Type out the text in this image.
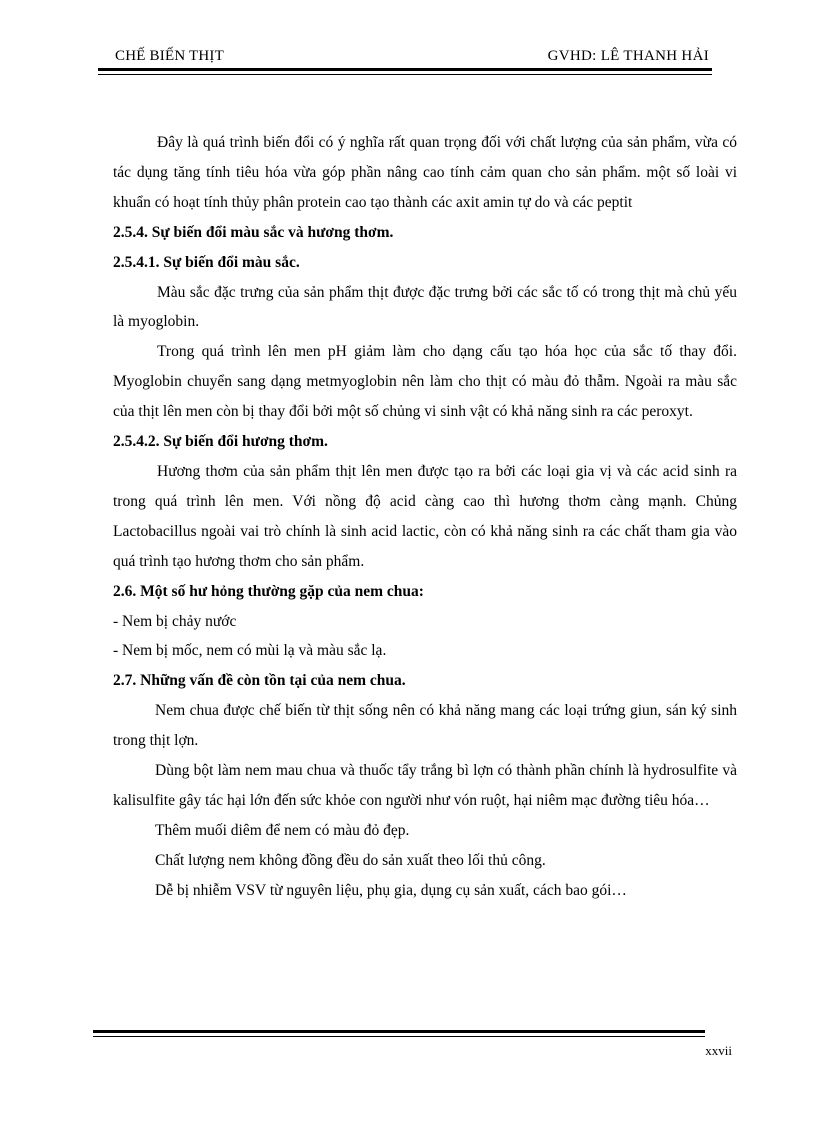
CHẾ BIẾN THỊT	GVHD: LÊ THANH HẢI

Đây là quá trình biến đổi có ý nghĩa rất quan trọng đối với chất lượng của sản phẩm, vừa có tác dụng tăng tính tiêu hóa vừa góp phần nâng cao tính cảm quan cho sản phẩm. một số loài vi khuẩn có hoạt tính thủy phân protein cao tạo thành các axit amin tự do và các peptit

2.5.4. Sự biến đổi màu sắc và hương thơm.

2.5.4.1. Sự biến đổi màu sắc.

Màu sắc đặc trưng của sản phẩm thịt được đặc trưng bởi các sắc tố có trong thịt mà chủ yếu là myoglobin.

Trong quá trình lên men pH giảm làm cho dạng cấu tạo hóa học của sắc tố thay đổi. Myoglobin chuyển sang dạng metmyoglobin nên làm cho thịt có màu đỏ thẫm. Ngoài ra màu sắc của thịt lên men còn bị thay đổi bởi một số chủng vi sinh vật có khả năng sinh ra các peroxyt.

2.5.4.2. Sự biến đổi hương thơm.

Hương thơm của sản phẩm thịt lên men được tạo ra bởi các loại gia vị và các acid sinh ra trong quá trình lên men. Với nồng độ acid càng cao thì hương thơm càng mạnh. Chủng Lactobacillus ngoài vai trò chính là sinh acid lactic, còn có khả năng sinh ra các chất tham gia vào quá trình tạo hương thơm cho sản phẩm.

2.6. Một số hư hỏng thường gặp của nem chua:

- Nem bị chảy nước

- Nem bị mốc, nem có mùi lạ và màu sắc lạ.

2.7. Những vấn đề còn tồn tại của nem chua.

Nem chua được chế biến từ thịt sống nên có khả năng mang các loại trứng giun, sán ký sinh trong thịt lợn.

Dùng bột làm nem mau chua và thuốc tẩy trắng bì lợn có thành phần chính là hydrosulfite và kalisulfite gây tác hại lớn đến sức khỏe con người như vón ruột, hại niêm mạc đường tiêu hóa…

Thêm muối diêm để nem có màu đỏ đẹp.

Chất lượng nem không đồng đều do sản xuất theo lối thủ công.

Dễ bị nhiễm VSV từ nguyên liệu, phụ gia, dụng cụ sản xuất, cách bao gói…

xxvii
